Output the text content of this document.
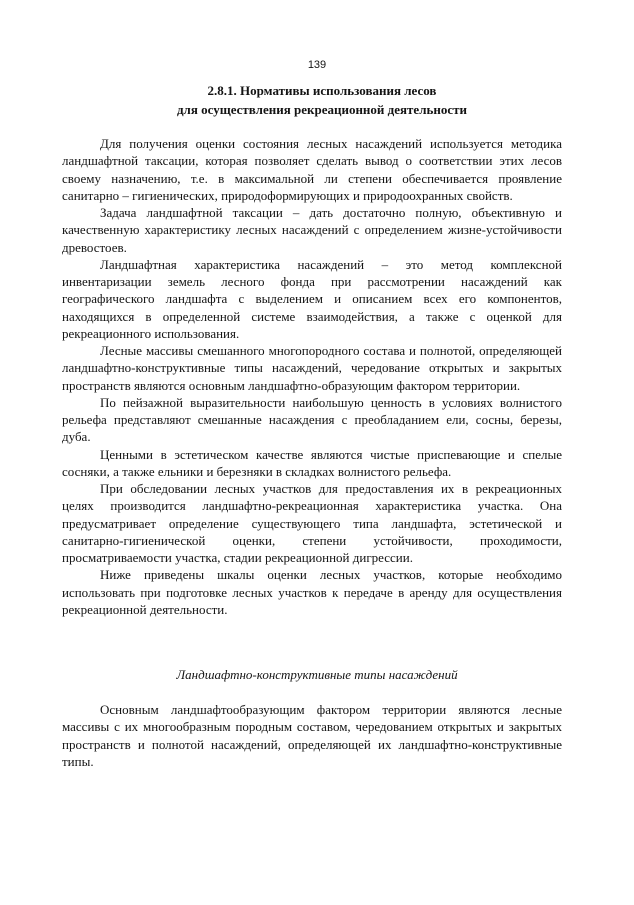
139
2.8.1. Нормативы использования лесов
для осуществления рекреационной деятельности

Для получения оценки состояния лесных насаждений используется методика ландшафтной таксации, которая позволяет сделать вывод о соответствии этих лесов своему назначению, т.е. в максимальной ли степени обеспечивается проявление санитарно – гигиенических, природоформирующих и природоохранных свойств.

Задача ландшафтной таксации – дать достаточно полную, объективную и качественную характеристику лесных насаждений с определением жизне-устойчивости древостоев.

Ландшафтная характеристика насаждений – это метод комплексной инвентаризации земель лесного фонда при рассмотрении насаждений как географического ландшафта с выделением и описанием всех его компонентов, находящихся в определенной системе взаимодействия, а также с оценкой для рекреационного использования.

Лесные массивы смешанного многопородного состава и полнотой, определяющей ландшафтно-конструктивные типы насаждений, чередование открытых и закрытых пространств являются основным ландшафтно-образующим фактором территории.

По пейзажной выразительности наибольшую ценность в условиях волнистого рельефа представляют смешанные насаждения с преобладанием ели, сосны, березы, дуба.

Ценными в эстетическом качестве являются чистые приспевающие и спелые сосняки, а также ельники и березняки в складках волнистого рельефа.

При обследовании лесных участков для предоставления их в рекреационных целях производится ландшафтно-рекреационная характеристика участка. Она предусматривает определение существующего типа ландшафта, эстетической и санитарно-гигиенической оценки, степени устойчивости, проходимости, просматриваемости участка, стадии рекреационной дигрессии.

Ниже приведены шкалы оценки лесных участков, которые необходимо использовать при подготовке лесных участков к передаче в аренду для осуществления рекреационной деятельности.

Ландшафтно-конструктивные типы насаждений

Основным ландшафтообразующим фактором территории являются лесные массивы с их многообразным породным составом, чередованием открытых и закрытых пространств и полнотой насаждений, определяющей их ландшафтно-конструктивные типы.
